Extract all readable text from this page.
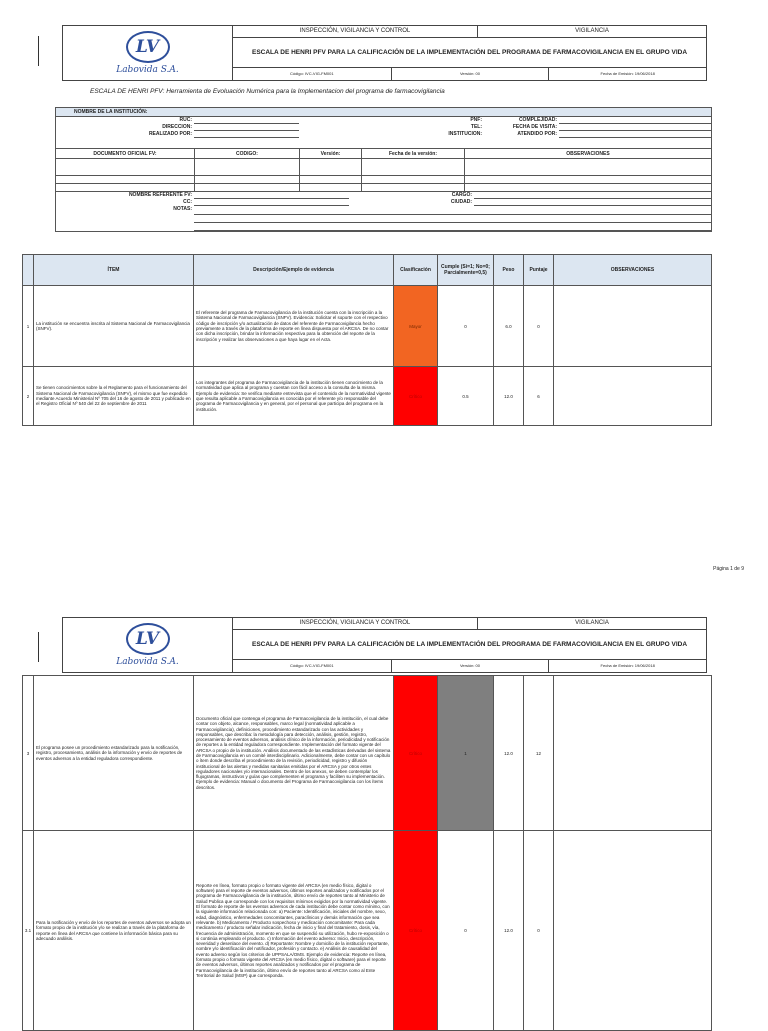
LV
Labovida S.A.
INSPECCIÓN, VIGILANCIA Y CONTROL	VIGILANCIA
ESCALA DE HENRI PFV PARA LA CALIFICACIÓN DE LA IMPLEMENTACIÓN DEL PROGRAMA DE FARMACOVIGILANCIA EN EL GRUPO VIDA
Código: IVC-VIG-FM001	Versión: 00	Fecha de Emisión: 19/06/2018
ESCALA DE HENRI PFV: Herramienta de Evoluación Numérica para la Implementacion del programa de farmacovigilancia
NOMBRE DE LA INSTITUCIÓN:
RUC:	PNF:	COMPLEJIDAD:
DIRECCION:	TEL:	FECHA DE VISITA:
REALIZADO POR:	INSTITUCION:	ATENDIDO POR:
DOCUMENTO OFICIAL FV:	CODIGO:	Versión:	Fecha de la versión:	OBSERVACIONES
NOMBRE REFERENTE FV:	CARGO:
CC:	CIUDAD:
NOTAS:
ÍTEM	Descripción/Ejemplo de evidencia	Clasificación	Cumple (Si=1; No=0; Parcialmente=0,5)	Peso	Puntaje	OBSERVACIONES
1
La institución se encuentra inscrita al Sistema Nacional de Farmacovigilancia (SNFV).
El referente del programa de Farmacovigilancia de la institución cuenta con la inscripción a la Sistema Nacional de Farmacovigilancia (SNFV). Evidencia: Solicitar el soporte con el respectivo código de inscripción y/o actualización de datos del referente de Farmacovigilancia hecho previamente a través de la plataforma de reporte en línea dispuesta por el ARCSA. De no contar con dicha inscripción, brindar la información respectiva para la obtención del reporte de la inscripción y realizar las observaciones a que haya lugar en el Acta.
Mayor	0	6.0	0
2
Se tienen conocimientos sobre la el Reglamento para el funcionamiento del Sistema Nacional de Farmacovigilancia (SNFV), el mismo que fue expedido mediante Acuerdo Ministerial Nº 705 del 16 de agosto de 2011 y publicado en el Registro Oficial Nº 540 del 22 de septiembre de 2011
Los integrantes del programa de Farmacovigilancia de la institución tienen conocimiento de la normatividad que aplica al programa y cuentan con fácil acceso a la consulta de la misma. Ejemplo de evidencia: Se verifica mediante entrevista que el contenido de la normatividad vigente que resulta aplicable a Farmacovigilancia es conocida por el referente y/o responsable del programa de Farmacovigilancia y en general, por el personal que participa del programa en la institución.
Crítico	0.5	12.0	6
Página 1 de 9
LV
Labovida S.A.
INSPECCIÓN, VIGILANCIA Y CONTROL	VIGILANCIA
ESCALA DE HENRI PFV PARA LA CALIFICACIÓN DE LA IMPLEMENTACIÓN DEL PROGRAMA DE FARMACOVIGILANCIA EN EL GRUPO VIDA
Código: IVC-VIG-FM001	Versión: 00	Fecha de Emisión: 19/06/2018
3
El programa posee un procedimiento estandarizado para la notificación, registro, procesamiento, análisis de la información y envío de reportes de eventos adversos a la entidad reguladora correspondiente.
Documento oficial que contenga el programa de Farmacovigilancia de la institución, el cual debe contar con objeto, alcance, responsables, marco legal (normatividad aplicable a Farmacovigilancia), definiciones, procedimiento estandarizado con las actividades y responsables, que describa: la metodología para detección, análisis, gestión, registro, procesamiento de eventos adversos, análisis clínico de la información, periodicidad y notificación de reportes a la entidad reguladora correspondiente. Implementación del formato vigente del ARCSA o propio de la institución. Análisis documentado de las estadísticas derivadas del sistema de Farmacovigilancia en un comité interdisciplinario. Adicionalmente, debe contar con un capítulo o ítem donde describa el procedimiento de la revisión, periodicidad, registro y difusión institucional de las alertas y medidas sanitarias emitidas por el ARCSA y por otros entes reguladores nacionales y/o internacionales. Dentro de los anexos, se deben contemplar los flujogramas, instructivos y guías que complementen el programa y faciliten su implementación. Ejemplo de evidencia: Manual o documento del Programa de Farmacovigilancia con los ítems descritos.
Crítico	1	12.0	12
3.1
Para la notificación y envío de los reportes de eventos adversos se adopta un formato propio de la institución y/o se realizan a través de la plataforma de reporte en línea del ARCSA que contiene la información básica para su adecuado análisis.
Reporte en línea, formato propio o formato vigente del ARCSA (en medio físico, digital o software) para el reporte de eventos adversos, últimos reportes analizados y notificados por el programa de Farmacovigilancia de la institución, último envío de reportes tanto al Ministerio de Salud Publica que corresponde con los requisitos mínimos exigidos por la normatividad vigente. El formato de reporte de los eventos adversos de cada institución debe contar como mínimo, con la siguiente información relacionada con: a) Paciente: Identificación, iniciales del nombre, sexo, edad, diagnóstico, enfermedades concomitantes, paraclínicos y demás información que sea relevante. b) Medicamento / Producto sospechoso y medicación concomitante: Para cada medicamento / producto señalar indicación, fecha de inicio y final del tratamiento, dosis, vía, frecuencia de administración, momento en que se suspendió su utilización, hubo re-exposición o si continúa empleando el producto. c) Información del evento adverso: Inicio, descripción, severidad y desenlace del evento. d) Reportante: Nombre y domicilio de la institución reportante, nombre y/o identificación del notificador, profesión y contacto. e) Análisis de causalidad del evento adverso según los criterios de UPPSALA/OMS. Ejemplo de evidencia: Reporte en línea, formato propio o formato vigente del ARCSA (en medio físico, digital o software) para el reporte de eventos adversos, últimos reportes analizados y notificados por el programa de Farmacovigilancia de la institución, último envío de reportes tanto al ARCSA como al Ente Territorial de Salud (MSP) que corresponda.
Crítico	0	12.0	0
